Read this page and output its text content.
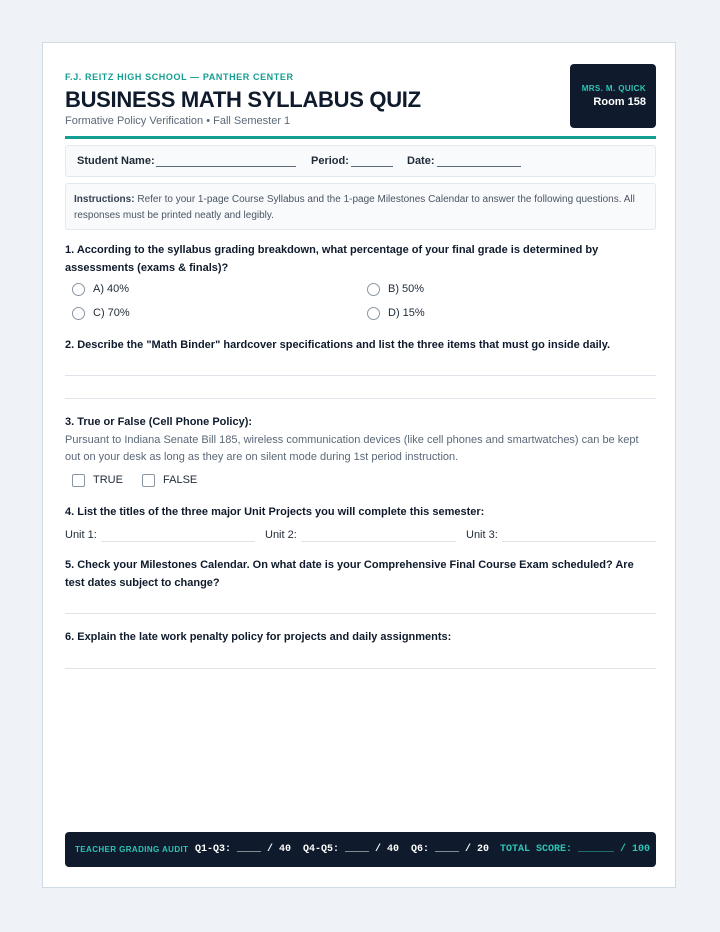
F.J. REITZ HIGH SCHOOL — PANTHER CENTER
BUSINESS MATH SYLLABUS QUIZ
Formative Policy Verification • Fall Semester 1
MRS. M. QUICK
Room 158
Student Name:	Period:	Date:
Instructions: Refer to your 1-page Course Syllabus and the 1-page Milestones Calendar to answer the following questions. All responses must be printed neatly and legibly.
1. According to the syllabus grading breakdown, what percentage of your final grade is determined by assessments (exams & finals)?
A) 40%	B) 50%
C) 70%	D) 15%
2. Describe the "Math Binder" hardcover specifications and list the three items that must go inside daily.
3. True or False (Cell Phone Policy):
Pursuant to Indiana Senate Bill 185, wireless communication devices (like cell phones and smartwatches) can be kept out on your desk as long as they are on silent mode during 1st period instruction.
TRUE	FALSE
4. List the titles of the three major Unit Projects you will complete this semester:
Unit 1:	Unit 2:	Unit 3:
5. Check your Milestones Calendar. On what date is your Comprehensive Final Course Exam scheduled? Are test dates subject to change?
6. Explain the late work penalty policy for projects and daily assignments:
TEACHER GRADING AUDIT Q1-Q3: ____ / 40 Q4-Q5: ____ / 40 Q6: ____ / 20 TOTAL SCORE: ______ / 100
